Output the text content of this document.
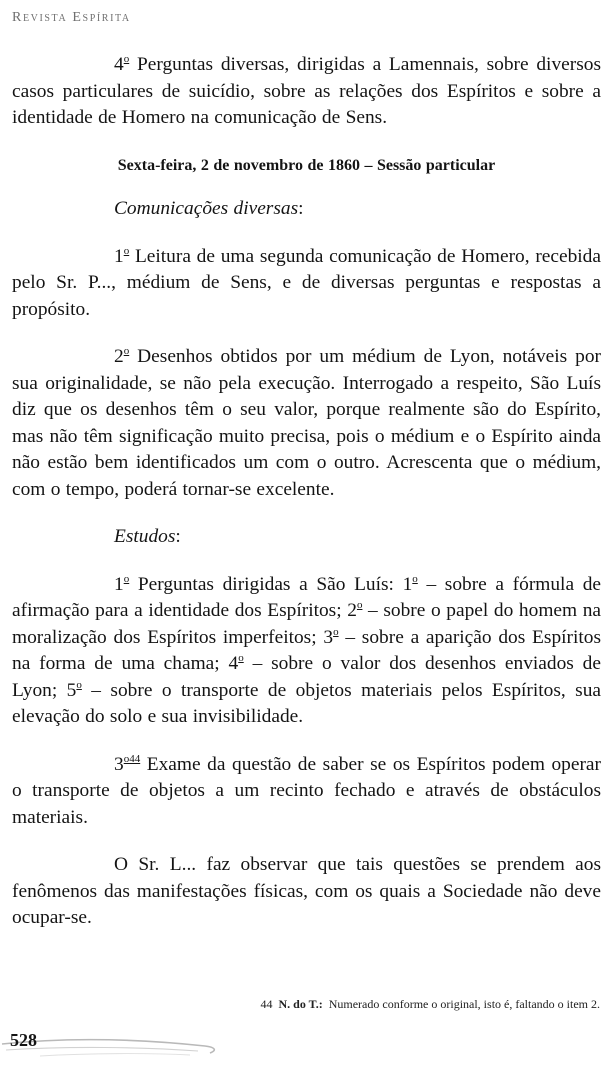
Revista Espírita

4$^o$ Perguntas diversas, dirigidas a Lamennais, sobre diversos casos particulares de suicídio, sobre as relações dos Espíritos e sobre a identidade de Homero na comunicação de Sens.

Sexta-feira, 2 de novembro de 1860 – Sessão particular

Comunicações diversas:

1$^o$ Leitura de uma segunda comunicação de Homero, recebida pelo Sr. P..., médium de Sens, e de diversas perguntas e respostas a propósito.

2$^o$ Desenhos obtidos por um médium de Lyon, notáveis por sua originalidade, se não pela execução. Interrogado a respeito, São Luís diz que os desenhos têm o seu valor, porque realmente são do Espírito, mas não têm significação muito precisa, pois o médium e o Espírito ainda não estão bem identificados um com o outro. Acrescenta que o médium, com o tempo, poderá tornar-se excelente.

Estudos:

1$^o$ Perguntas dirigidas a São Luís: 1$^o$ – sobre a fórmula de afirmação para a identidade dos Espíritos; 2$^o$ – sobre o papel do homem na moralização dos Espíritos imperfeitos; 3$^o$ – sobre a aparição dos Espíritos na forma de uma chama; 4$^o$ – sobre o valor dos desenhos enviados de Lyon; 5$^o$ – sobre o transporte de objetos materiais pelos Espíritos, sua elevação do solo e sua invisibilidade.

$3^{o44}$ Exame da questão de saber se os Espíritos podem operar o transporte de objetos a um recinto fechado e através de obstáculos materiais.

O Sr. L... faz observar que tais questões se prendem aos fenômenos das manifestações físicas, com os quais a Sociedade não deve ocupar-se.

44 N. do T.: Numerado conforme o original, isto é, faltando o item 2.
528
